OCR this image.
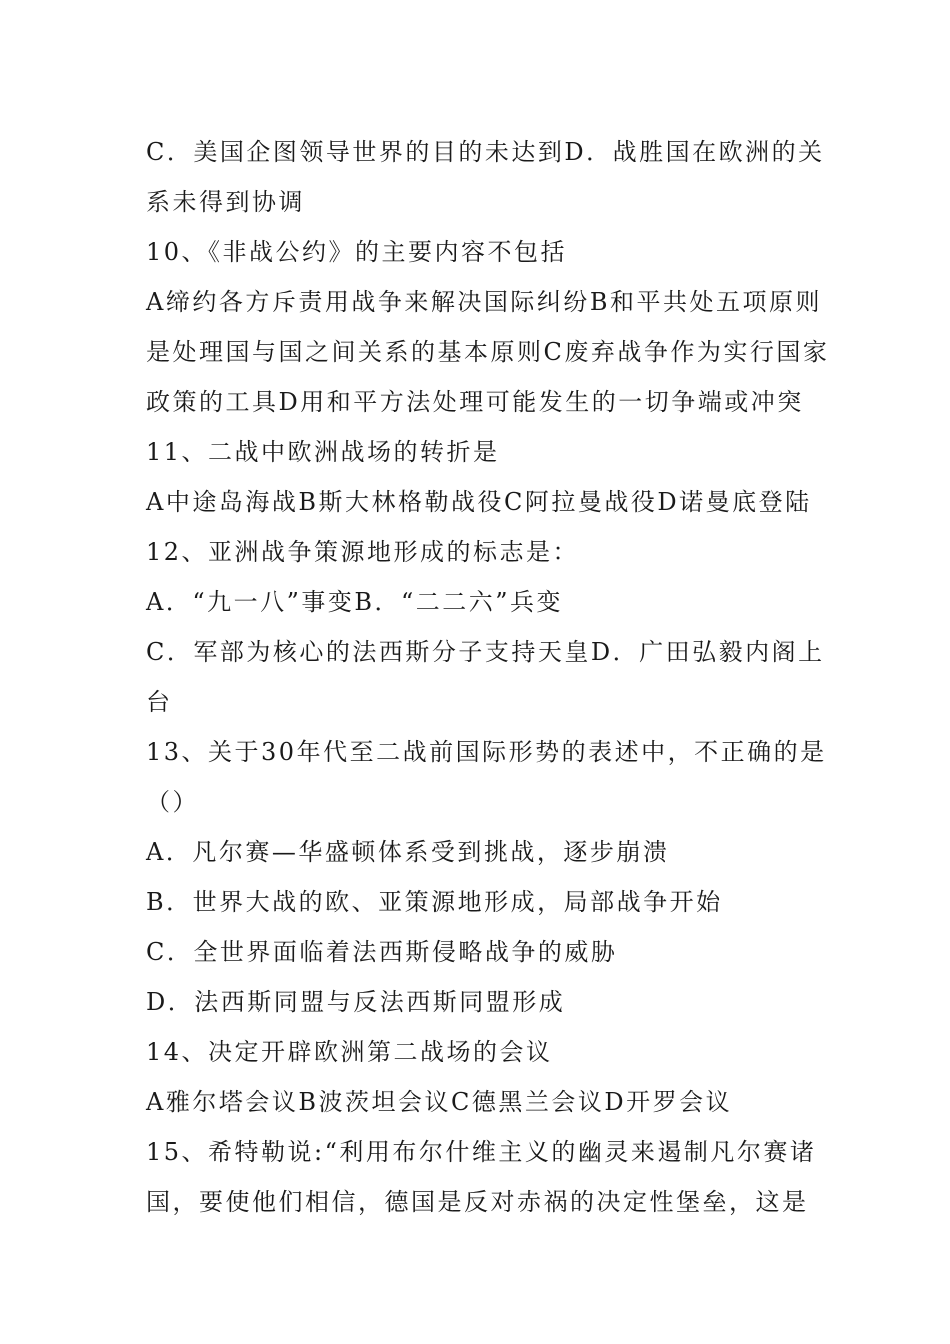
C．美国企图领导世界的目的未达到D．战胜国在欧洲的关
系未得到协调
10、《非战公约》的主要内容不包括
A缔约各方斥责用战争来解决国际纠纷B和平共处五项原则
是处理国与国之间关系的基本原则C废弃战争作为实行国家
政策的工具D用和平方法处理可能发生的一切争端或冲突
11、二战中欧洲战场的转折是
A中途岛海战B斯大林格勒战役C阿拉曼战役D诺曼底登陆
12、亚洲战争策源地形成的标志是：
A．“九一八”事变B．“二二六”兵变
C．军部为核心的法西斯分子支持天皇D．广田弘毅内阁上
台
13、关于30年代至二战前国际形势的表述中，不正确的是
（）
A．凡尔赛—华盛顿体系受到挑战，逐步崩溃
B．世界大战的欧、亚策源地形成，局部战争开始
C．全世界面临着法西斯侵略战争的威胁
D．法西斯同盟与反法西斯同盟形成
14、决定开辟欧洲第二战场的会议
A雅尔塔会议B波茨坦会议C德黑兰会议D开罗会议
15、希特勒说:“利用布尔什维主义的幽灵来遏制凡尔赛诸
国，要使他们相信，德国是反对赤祸的决定性堡垒，这是
